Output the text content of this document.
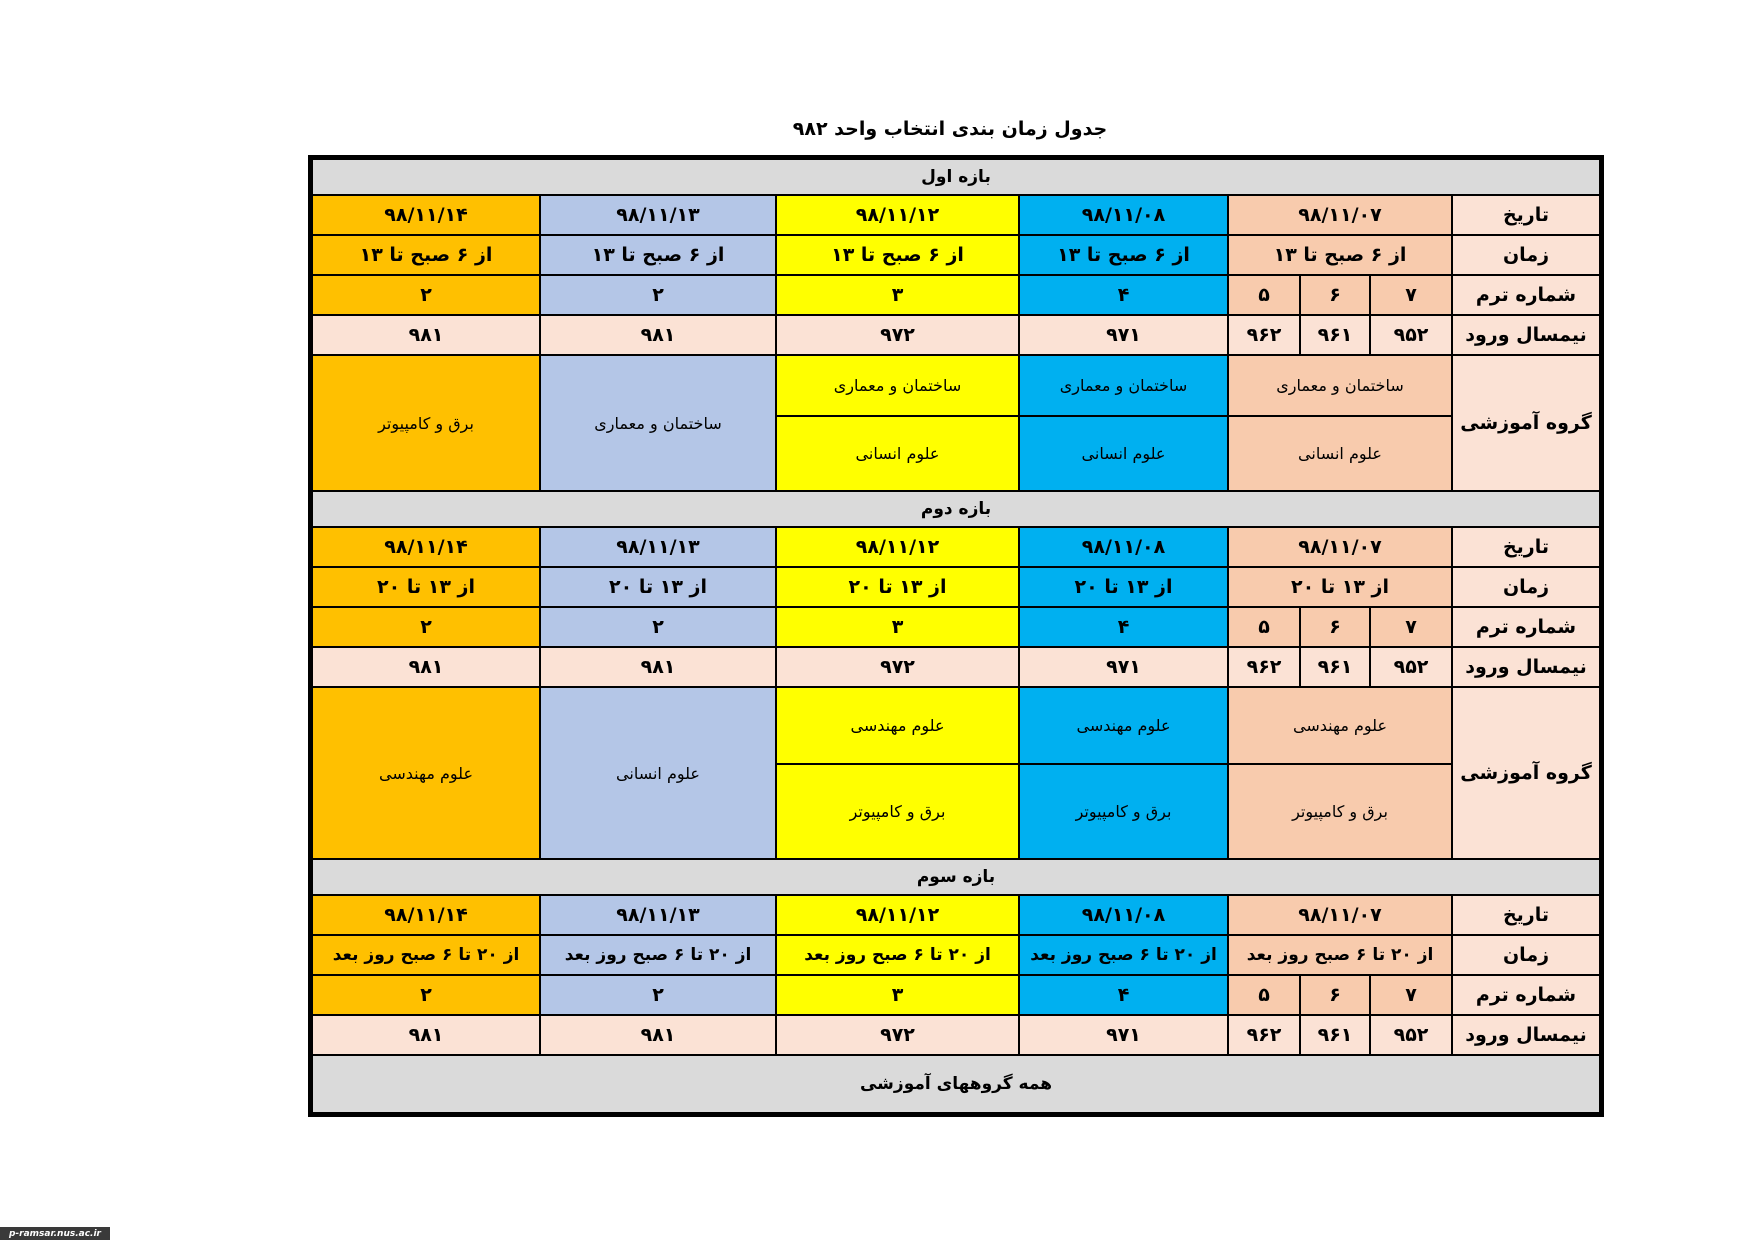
جدول زمان بندی انتخاب واحد ۹۸۲
بازه اول
تاریخ
۹۸/۱۱/۰۷
۹۸/۱۱/۰۸
۹۸/۱۱/۱۲
۹۸/۱۱/۱۳
۹۸/۱۱/۱۴
زمان
از ۶ صبح تا ۱۳
از ۶ صبح تا ۱۳
از ۶ صبح تا ۱۳
از ۶ صبح تا ۱۳
از ۶ صبح تا ۱۳
شماره ترم
۷
۶
۵
۴
۳
۲
۲
نیمسال ورود
۹۵۲
۹۶۱
۹۶۲
۹۷۱
۹۷۲
۹۸۱
۹۸۱
گروه آموزشی
ساختمان و معماری
علوم انسانی
ساختمان و معماری
علوم انسانی
ساختمان و معماری
علوم انسانی
ساختمان و معماری
برق و کامپیوتر
بازه دوم
تاریخ
۹۸/۱۱/۰۷
۹۸/۱۱/۰۸
۹۸/۱۱/۱۲
۹۸/۱۱/۱۳
۹۸/۱۱/۱۴
زمان
از ۱۳ تا ۲۰
از ۱۳ تا ۲۰
از ۱۳ تا ۲۰
از ۱۳ تا ۲۰
از ۱۳ تا ۲۰
شماره ترم
۷
۶
۵
۴
۳
۲
۲
نیمسال ورود
۹۵۲
۹۶۱
۹۶۲
۹۷۱
۹۷۲
۹۸۱
۹۸۱
گروه آموزشی
علوم مهندسی
برق و کامپیوتر
علوم مهندسی
برق و کامپیوتر
علوم مهندسی
برق و کامپیوتر
علوم انسانی
علوم مهندسی
بازه سوم
تاریخ
۹۸/۱۱/۰۷
۹۸/۱۱/۰۸
۹۸/۱۱/۱۲
۹۸/۱۱/۱۳
۹۸/۱۱/۱۴
زمان
از ۲۰ تا ۶ صبح روز بعد
از ۲۰ تا ۶ صبح روز بعد
از ۲۰ تا ۶ صبح روز بعد
از ۲۰ تا ۶ صبح روز بعد
از ۲۰ تا ۶ صبح روز بعد
شماره ترم
۷
۶
۵
۴
۳
۲
۲
نیمسال ورود
۹۵۲
۹۶۱
۹۶۲
۹۷۱
۹۷۲
۹۸۱
۹۸۱
همه گروههای آموزشی
p-ramsar.nus.ac.ir
